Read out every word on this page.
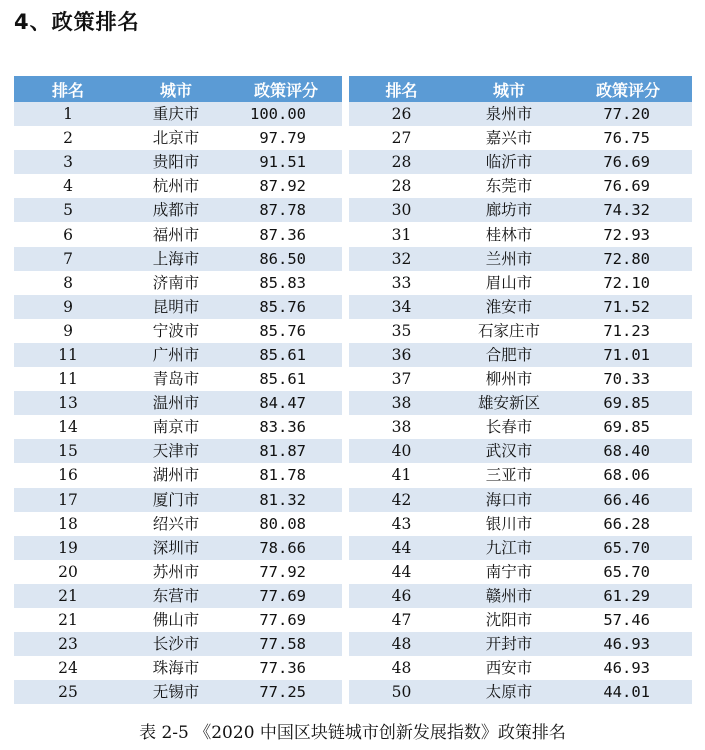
4、政策排名
排名	城市	政策评分
1	重庆市	100.00
2	北京市	97.79
3	贵阳市	91.51
4	杭州市	87.92
5	成都市	87.78
6	福州市	87.36
7	上海市	86.50
8	济南市	85.83
9	昆明市	85.76
9	宁波市	85.76
11	广州市	85.61
11	青岛市	85.61
13	温州市	84.47
14	南京市	83.36
15	天津市	81.87
16	湖州市	81.78
17	厦门市	81.32
18	绍兴市	80.08
19	深圳市	78.66
20	苏州市	77.92
21	东营市	77.69
21	佛山市	77.69
23	长沙市	77.58
24	珠海市	77.36
25	无锡市	77.25
排名	城市	政策评分
26	泉州市	77.20
27	嘉兴市	76.75
28	临沂市	76.69
28	东莞市	76.69
30	廊坊市	74.32
31	桂林市	72.93
32	兰州市	72.80
33	眉山市	72.10
34	淮安市	71.52
35	石家庄市	71.23
36	合肥市	71.01
37	柳州市	70.33
38	雄安新区	69.85
38	长春市	69.85
40	武汉市	68.40
41	三亚市	68.06
42	海口市	66.46
43	银川市	66.28
44	九江市	65.70
44	南宁市	65.70
46	赣州市	61.29
47	沈阳市	57.46
48	开封市	46.93
48	西安市	46.93
50	太原市	44.01

表 2-5 《2020 中国区块链城市创新发展指数》政策排名
